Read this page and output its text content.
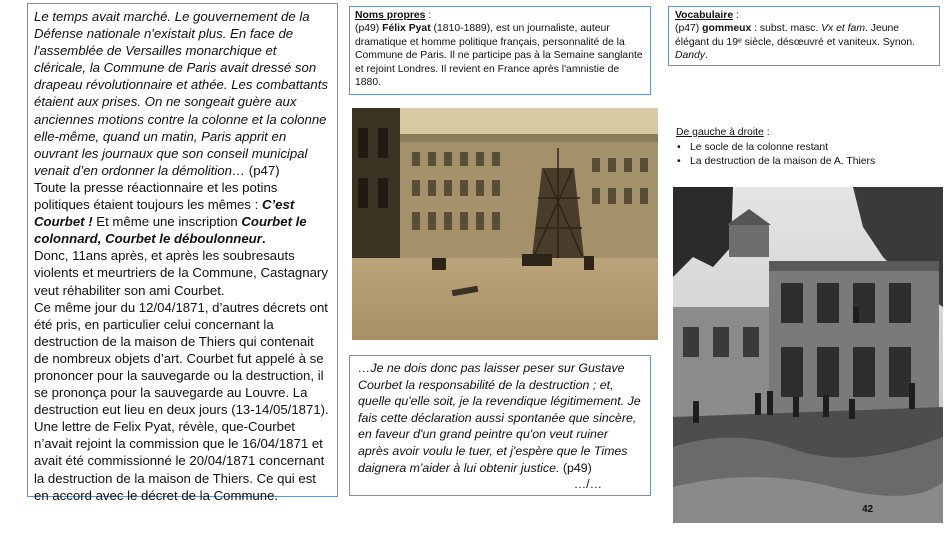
Le temps avait marché. Le gouvernement de la Défense nationale n'existait plus. En face de l'assemblée de Versailles monarchique et cléricale, la Commune de Paris avait dressé son drapeau révolutionnaire et athée. Les combattants étaient aux prises. On ne songeait guère aux anciennes motions contre la colonne et la colonne elle-même, quand un matin, Paris apprit en ouvrant les journaux que son conseil municipal venait d’en ordonner la démolition… (p47)

Toute la presse réactionnaire et les potins politiques étaient toujours les mêmes : C’est Courbet ! Et même une inscription Courbet le colonnard, Courbet le déboulonneur.

Donc, 11ans après, et après les soubresauts violents et meurtriers de la Commune, Castagnary veut réhabiliter son ami Courbet.

Ce même jour du 12/04/1871, d’autres décrets ont été pris, en particulier celui concernant la destruction de la maison de Thiers qui contenait de nombreux objets d’art. Courbet fut appelé à se prononcer pour la sauvegarde ou la destruction, il se prononça pour la sauvegarde au Louvre. La destruction eut lieu en deux jours (13-14/05/1871).

Une lettre de Felix Pyat, révèle, que-Courbet n’avait rejoint la commission que le 16/04/1871 et avait été commissionné le 20/04/1871 concernant la destruction de la maison de Thiers. Ce qui est en accord avec le décret de la Commune.

Noms propres :
(p49) Félix Pyat (1810-1889), est un journaliste, auteur dramatique et homme politique français, personnalité de la Commune de Paris. Il ne participe pas à la Semaine sanglante et rejoint Londres. Il revient en France après l'amnistie de 1880.
Vocabulaire :
(p47) gommeux : subst. masc. Vx et fam. Jeune élégant du 19ᵉ siècle, désœuvré et vaniteux. Synon. Dandy.
De gauche à droite :
• Le socle de la colonne restant
• La destruction de la maison de A. Thiers
…Je ne dois donc pas laisser peser sur Gustave Courbet la responsabilité de la destruction ; et, quelle qu'elle soit, je la revendique légitimement. Je fais cette déclaration aussi spontanée que sincère, en faveur d'un grand peintre qu'on veut ruiner après avoir voulu le tuer, et j'espère que le Times daignera m'aider à lui obtenir justice. (p49)
…/…
42
